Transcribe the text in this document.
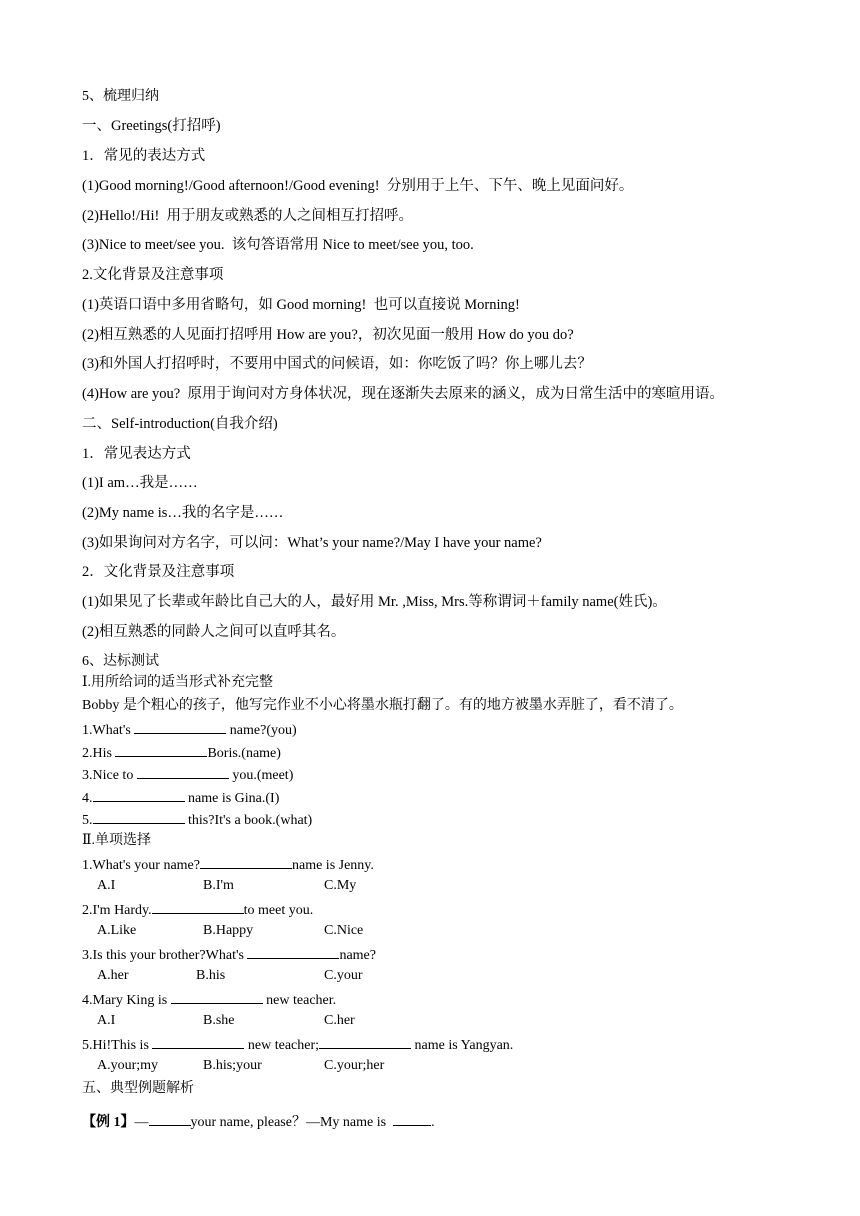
5、梳理归纳
一、Greetings(打招呼)
1．常见的表达方式
(1)Good morning!/Good afternoon!/Good evening!  分别用于上午、下午、晚上见面问好。
(2)Hello!/Hi!  用于朋友或熟悉的人之间相互打招呼。
(3)Nice to meet/see you.  该句答语常用 Nice to meet/see you, too.
2.文化背景及注意事项
(1)英语口语中多用省略句，如 Good morning!  也可以直接说 Morning!
(2)相互熟悉的人见面打招呼用 How are you?，初次见面一般用 How do you do?
(3)和外国人打招呼时，不要用中国式的问候语，如：你吃饭了吗？你上哪儿去？
(4)How are you?  原用于询问对方身体状况，现在逐渐失去原来的涵义，成为日常生活中的寒暄用语。
二、Self-introduction(自我介绍)
1．常见表达方式
(1)I am…我是……
(2)My name is…我的名字是……
(3)如果询问对方名字，可以问：What’s your name?/May I have your name?
2．文化背景及注意事项
(1)如果见了长辈或年龄比自己大的人，最好用 Mr. ,Miss, Mrs.等称谓词＋family name(姓氏)。
(2)相互熟悉的同龄人之间可以直呼其名。
6、达标测试
Ⅰ.用所给词的适当形式补充完整
Bobby 是个粗心的孩子，他写完作业不小心将墨水瓶打翻了。有的地方被墨水弄脏了，看不清了。
1.What's	name?(you)
2.His	Boris.(name)
3.Nice to	you.(meet)
4.	name is Gina.(I)
5.	this?It's a book.(what)
Ⅱ.单项选择
1.What's your name?	name is Jenny.
A.I	B.I'm	C.My
2.I'm Hardy.	to meet you.
A.Like	B.Happy	C.Nice
3.Is this your brother?What's	name?
A.her	B.his	C.your
4.Mary King is	new teacher.
A.I	B.she	C.her
5.Hi!This is	new teacher;	name is Yangyan.
A.your;my	B.his;your	C.your;her
五、典型例题解析
【例 1】—	your name, please？—My name is	.
